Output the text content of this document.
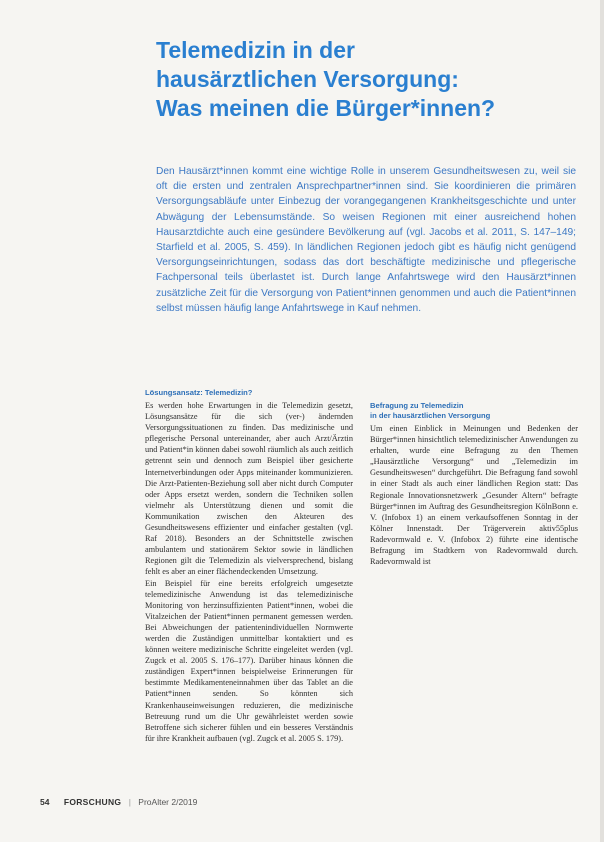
Telemedizin in der
hausärztlichen Versorgung:
Was meinen die Bürger*innen?

Den Hausärzt*innen kommt eine wichtige Rolle in unserem Gesundheitswesen zu, weil sie oft die ersten und zentralen Ansprechpartner*innen sind. Sie koordinieren die primären Versorgungsabläufe unter Einbezug der vorangegangenen Krankheitsgeschichte und unter Abwägung der Lebensumstände. So weisen Regionen mit einer ausreichend hohen Hausarztdichte auch eine gesündere Bevölkerung auf (vgl. Jacobs et al. 2011, S. 147–149; Starfield et al. 2005, S. 459). In ländlichen Regionen jedoch gibt es häufig nicht genügend Versorgungseinrichtungen, sodass das dort beschäftigte medizinische und pflegerische Fachpersonal teils überlastet ist. Durch lange Anfahrtswege wird den Hausärzt*innen zusätzliche Zeit für die Versorgung von Patient*innen genommen und auch die Patient*innen selbst müssen häufig lange Anfahrtswege in Kauf nehmen.

Lösungsansatz: Telemedizin?

Es werden hohe Erwartungen in die Telemedizin gesetzt, Lösungsansätze für die sich (ver-) ändernden Versorgungssituationen zu finden. Das medizinische und pflegerische Personal untereinander, aber auch Arzt/Ärztin und Patient*in können dabei sowohl räumlich als auch zeitlich getrennt sein und dennoch zum Beispiel über gesicherte Internetverbindungen oder Apps miteinander kommunizieren. Die Arzt-Patienten-Beziehung soll aber nicht durch Computer oder Apps ersetzt werden, sondern die Techniken sollen vielmehr als Unterstützung dienen und somit die Kommunikation zwischen den Akteuren des Gesundheitswesens effizienter und einfacher gestalten (vgl. Raf 2018). Besonders an der Schnittstelle zwischen ambulantem und stationärem Sektor sowie in ländlichen Regionen gilt die Telemedizin als vielversprechend, bislang fehlt es aber an einer flächendeckenden Umsetzung.

Ein Beispiel für eine bereits erfolgreich umgesetzte telemedizinische Anwendung ist das telemedizinische Monitoring von herzinsuffizienten Patient*innen, wobei die Vitalzeichen der Patient*innen permanent gemessen werden. Bei Abweichungen der patientenindividuellen Normwerte werden die Zuständigen unmittelbar kontaktiert und es können weitere medizinische Schritte eingeleitet werden (vgl. Zugck et al. 2005 S. 176–177). Darüber hinaus können die zuständigen Expert*innen beispielweise Erinnerungen für bestimmte Medikamenteneinnahmen über das Tablet an die Patient*innen senden. So könnten sich Krankenhauseinweisungen reduzieren, die medizinische Betreuung rund um die Uhr gewährleistet werden sowie Betroffene sich sicherer fühlen und ein besseres Verständnis für ihre Krankheit aufbauen (vgl. Zugck et al. 2005 S. 179).

Befragung zu Telemedizin
in der hausärztlichen Versorgung

Um einen Einblick in Meinungen und Bedenken der Bürger*innen hinsichtlich telemedizinischer Anwendungen zu erhalten, wurde eine Befragung zu den Themen „Hausärztliche Versorgung“ und „Telemedizin im Gesundheitswesen“ durchgeführt. Die Befragung fand sowohl in einer Stadt als auch einer ländlichen Region statt: Das Regionale Innovationsnetzwerk „Gesunder Altern“ befragte Bürger*innen im Auftrag des Gesundheitsregion KölnBonn e. V. (Infobox 1) an einem verkaufsoffenen Sonntag in der Kölner Innenstadt. Der Trägerverein aktiv55plus Radevormwald e. V. (Infobox 2) führte eine identische Befragung im Stadtkern von Radevormwald durch. Radevormwald ist

54 FORSCHUNG | ProAlter 2/2019
